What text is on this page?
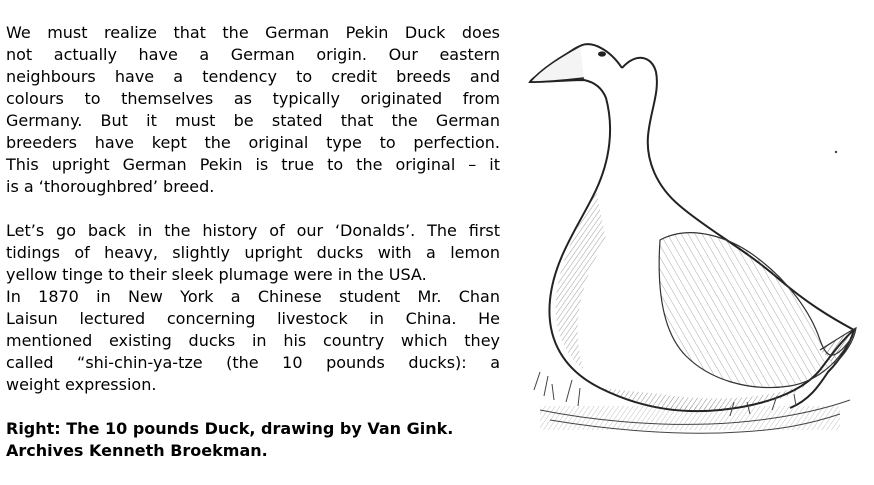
We must realize that the German Pekin Duck does
not actually have a German origin. Our eastern
neighbours have a tendency to credit breeds and
colours to themselves as typically originated from
Germany. But it must be stated that the German
breeders have kept the original type to perfection.
This upright German Pekin is true to the original – it
is a ‘thoroughbred’ breed.

Let’s go back in the history of our ‘Donalds’. The first
tidings of heavy, slightly upright ducks with a lemon
yellow tinge to their sleek plumage were in the USA.
In 1870 in New York a Chinese student Mr. Chan
Laisun lectured concerning livestock in China. He
mentioned existing ducks in his country which they
called “shi-chin-ya-tze (the 10 pounds ducks): a
weight expression.

Right: The 10 pounds Duck, drawing by Van Gink.
Archives Kenneth Broekman.
